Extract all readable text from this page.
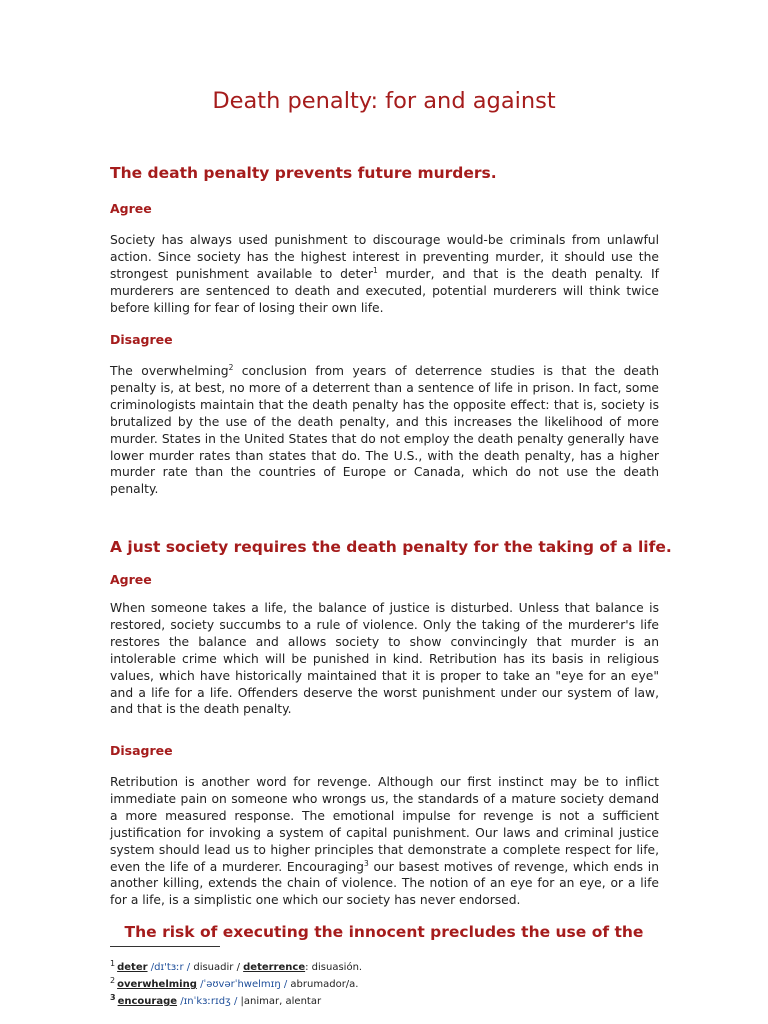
Death penalty: for and against
The death penalty prevents future murders.
Agree

Society has always used punishment to discourage would-be criminals from unlawful action. Since society has the highest interest in preventing murder, it should use the strongest punishment available to deter$^1$ murder, and that is the death penalty. If murderers are sentenced to death and executed, potential murderers will think twice before killing for fear of losing their own life.

Disagree

The overwhelming$^2$ conclusion from years of deterrence studies is that the death penalty is, at best, no more of a deterrent than a sentence of life in prison. In fact, some criminologists maintain that the death penalty has the opposite effect: that is, society is brutalized by the use of the death penalty, and this increases the likelihood of more murder. States in the United States that do not employ the death penalty generally have lower murder rates than states that do. The U.S., with the death penalty, has a higher murder rate than the countries of Europe or Canada, which do not use the death penalty.

A just society requires the death penalty for the taking of a life.
Agree

When someone takes a life, the balance of justice is disturbed. Unless that balance is restored, society succumbs to a rule of violence. Only the taking of the murderer's life restores the balance and allows society to show convincingly that murder is an intolerable crime which will be punished in kind. Retribution has its basis in religious values, which have historically maintained that it is proper to take an "eye for an eye" and a life for a life. Offenders deserve the worst punishment under our system of law, and that is the death penalty.

Disagree

Retribution is another word for revenge. Although our first instinct may be to inflict immediate pain on someone who wrongs us, the standards of a mature society demand a more measured response. The emotional impulse for revenge is not a sufficient justification for invoking a system of capital punishment. Our laws and criminal justice system should lead us to higher principles that demonstrate a complete respect for life, even the life of a murderer. Encouraging$^3$ our basest motives of revenge, which ends in another killing, extends the chain of violence. The notion of an eye for an eye, or a life for a life, is a simplistic one which our society has never endorsed.

The risk of executing the innocent precludes the use of the
$^1$ deter /dɪ'tɜːr / disuadir / deterrence: disuasión.
$^2$ overwhelming /ˈəʊvərˈhwelmɪŋ / abrumador/a.
$^3$ encourage /ɪnˈkɜːrɪdʒ / |animar, alentar
